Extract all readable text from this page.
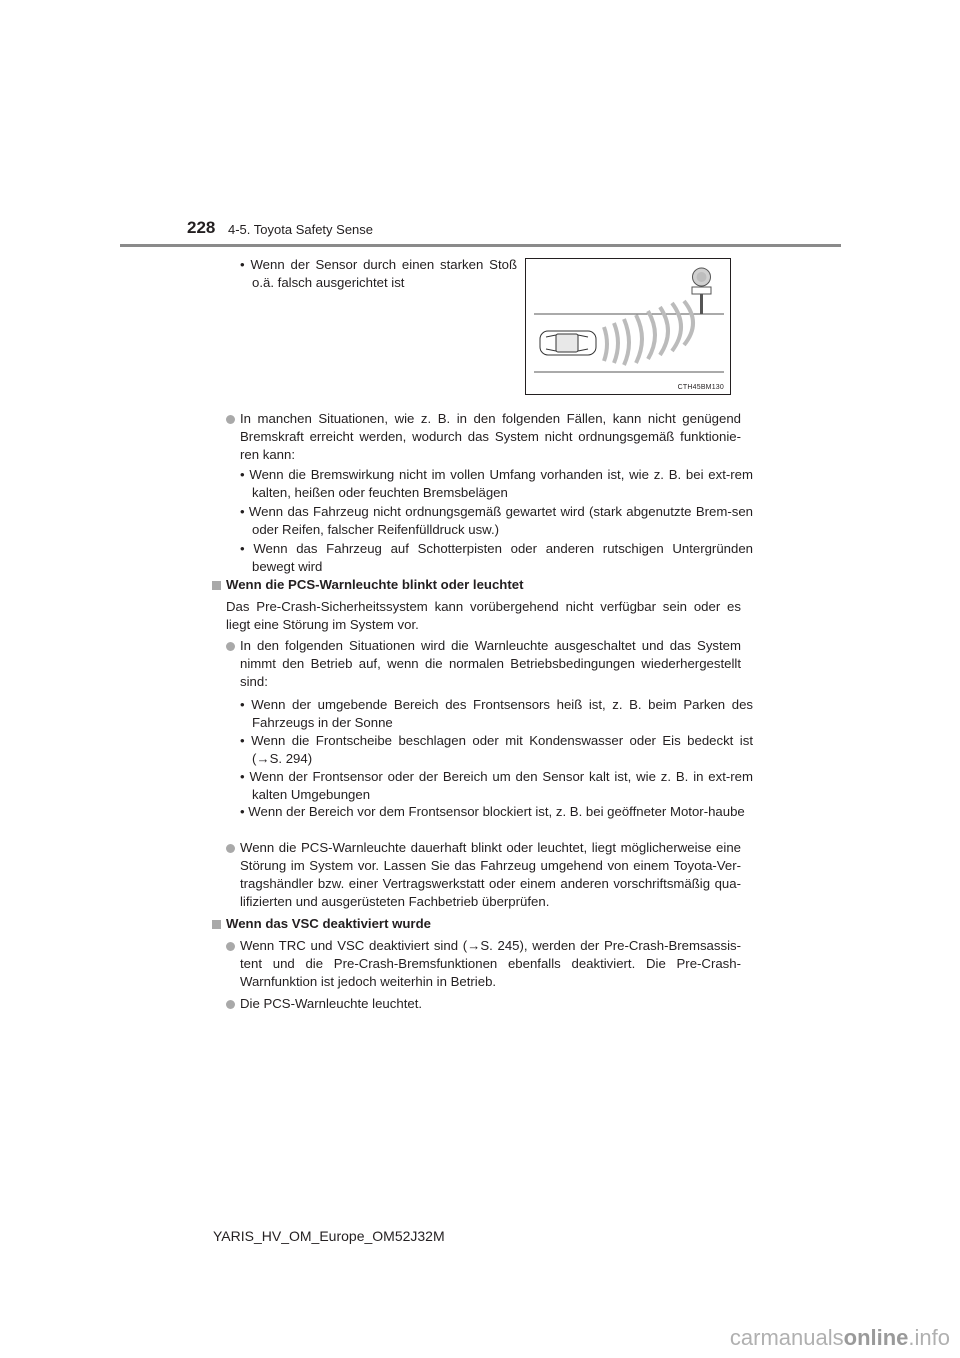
228 4-5. Toyota Safety Sense
• Wenn der Sensor durch einen starken Stoß o.ä. falsch ausgerichtet ist
CTH45BM130
In manchen Situationen, wie z. B. in den folgenden Fällen, kann nicht genügend Bremskraft erreicht werden, wodurch das System nicht ordnungsgemäß funktionie-ren kann:
• Wenn die Bremswirkung nicht im vollen Umfang vorhanden ist, wie z. B. bei ext-rem kalten, heißen oder feuchten Bremsbelägen
• Wenn das Fahrzeug nicht ordnungsgemäß gewartet wird (stark abgenutzte Brem-sen oder Reifen, falscher Reifenfülldruck usw.)
• Wenn das Fahrzeug auf Schotterpisten oder anderen rutschigen Untergründen bewegt wird
Wenn die PCS-Warnleuchte blinkt oder leuchtet
Das Pre-Crash-Sicherheitssystem kann vorübergehend nicht verfügbar sein oder es liegt eine Störung im System vor.
In den folgenden Situationen wird die Warnleuchte ausgeschaltet und das System nimmt den Betrieb auf, wenn die normalen Betriebsbedingungen wiederhergestellt sind:
• Wenn der umgebende Bereich des Frontsensors heiß ist, z. B. beim Parken des Fahrzeugs in der Sonne
• Wenn die Frontscheibe beschlagen oder mit Kondenswasser oder Eis bedeckt ist (→S. 294)
• Wenn der Frontsensor oder der Bereich um den Sensor kalt ist, wie z. B. in ext-rem kalten Umgebungen
• Wenn der Bereich vor dem Frontsensor blockiert ist, z. B. bei geöffneter Motor-haube
Wenn die PCS-Warnleuchte dauerhaft blinkt oder leuchtet, liegt möglicherweise eine Störung im System vor. Lassen Sie das Fahrzeug umgehend von einem Toyota-Ver-tragshändler bzw. einer Vertragswerkstatt oder einem anderen vorschriftsmäßig qua-lifizierten und ausgerüsteten Fachbetrieb überprüfen.
Wenn das VSC deaktiviert wurde
Wenn TRC und VSC deaktiviert sind (→S. 245), werden der Pre-Crash-Bremsassis-tent und die Pre-Crash-Bremsfunktionen ebenfalls deaktiviert. Die Pre-Crash-Warnfunktion ist jedoch weiterhin in Betrieb.
Die PCS-Warnleuchte leuchtet.
YARIS_HV_OM_Europe_OM52J32M
carmanualsonline.info
